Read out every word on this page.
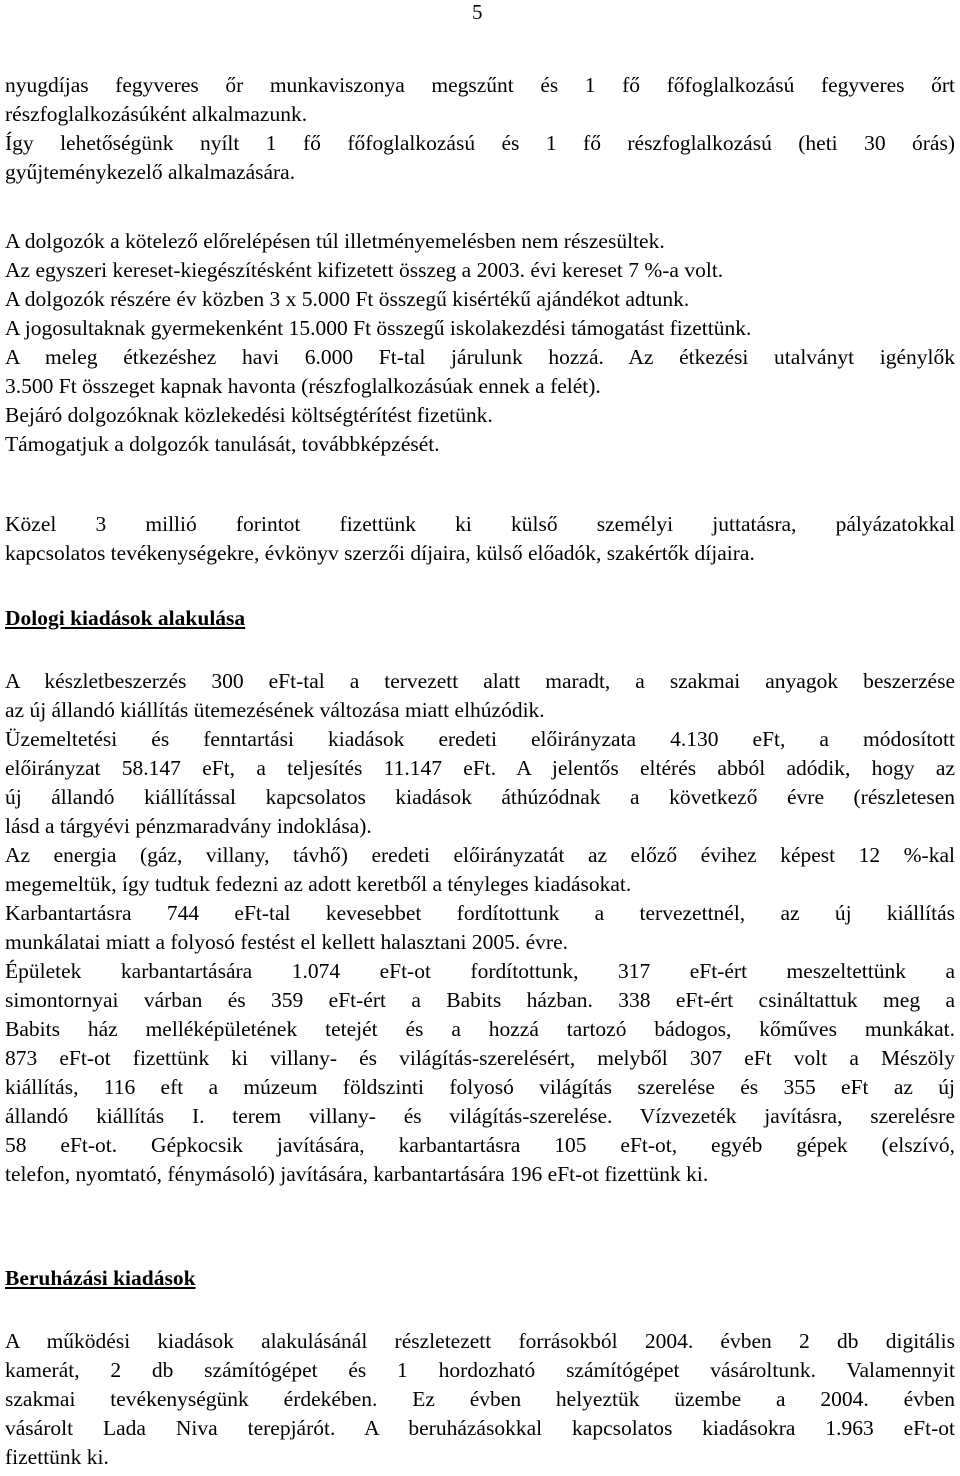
5
nyugdíjas fegyveres őr munkaviszonya megszűnt és 1 fő főfoglalkozású fegyveres őrt
részfoglalkozásúként alkalmazunk.
Így lehetőségünk nyílt 1 fő főfoglalkozású és 1 fő részfoglalkozású (heti 30 órás)
gyűjteménykezelő alkalmazására.
A dolgozók a kötelező előrelépésen túl illetményemelésben nem részesültek.
Az egyszeri kereset-kiegészítésként kifizetett összeg a 2003. évi kereset 7 %-a volt.
A dolgozók részére év közben 3 x 5.000 Ft összegű kisértékű ajándékot adtunk.
A jogosultaknak gyermekenként 15.000 Ft összegű iskolakezdési támogatást fizettünk.
A meleg étkezéshez havi 6.000 Ft-tal járulunk hozzá. Az étkezési utalványt igénylők
3.500 Ft összeget kapnak havonta (részfoglalkozásúak ennek a felét).
Bejáró dolgozóknak közlekedési költségtérítést fizetünk.
Támogatjuk a dolgozók tanulását, továbbképzését.
Közel 3 millió forintot fizettünk ki külső személyi juttatásra, pályázatokkal
kapcsolatos tevékenységekre, évkönyv szerzői díjaira, külső előadók, szakértők díjaira.
Dologi kiadások alakulása
A készletbeszerzés 300 eFt-tal a tervezett alatt maradt, a szakmai anyagok beszerzése
az új állandó kiállítás ütemezésének változása miatt elhúzódik.
Üzemeltetési és fenntartási kiadások eredeti előirányzata 4.130 eFt, a módosított
előirányzat 58.147 eFt, a teljesítés 11.147 eFt. A jelentős eltérés abból adódik, hogy az
új állandó kiállítással kapcsolatos kiadások áthúzódnak a következő évre (részletesen
lásd a tárgyévi pénzmaradvány indoklása).
Az energia (gáz, villany, távhő) eredeti előirányzatát az előző évihez képest 12 %-kal
megemeltük, így tudtuk fedezni az adott keretből a tényleges kiadásokat.
Karbantartásra 744 eFt-tal kevesebbet fordítottunk a tervezettnél, az új kiállítás
munkálatai miatt a folyosó festést el kellett halasztani 2005. évre.
Épületek karbantartására 1.074 eFt-ot fordítottunk, 317 eFt-ért meszeltettünk a
simontornyai várban és 359 eFt-ért a Babits házban. 338 eFt-ért csináltattuk meg a
Babits ház melléképületének tetejét és a hozzá tartozó bádogos, kőműves munkákat.
873 eFt-ot fizettünk ki villany- és világítás-szerelésért, melyből 307 eFt volt a Mészöly
kiállítás, 116 eft a múzeum földszinti folyosó világítás szerelése és 355 eFt az új
állandó kiállítás I. terem villany- és világítás-szerelése. Vízvezeték javításra, szerelésre
58 eFt-ot. Gépkocsik javítására, karbantartásra 105 eFt-ot, egyéb gépek (elszívó,
telefon, nyomtató, fénymásoló) javítására, karbantartására 196 eFt-ot fizettünk ki.
Beruházási kiadások
A működési kiadások alakulásánál részletezett forrásokból 2004. évben 2 db digitális
kamerát, 2 db számítógépet és 1 hordozható számítógépet vásároltunk. Valamennyit
szakmai tevékenységünk érdekében. Ez évben helyeztük üzembe a 2004. évben
vásárolt Lada Niva terepjárót. A beruházásokkal kapcsolatos kiadásokra 1.963 eFt-ot
fizettünk ki.
